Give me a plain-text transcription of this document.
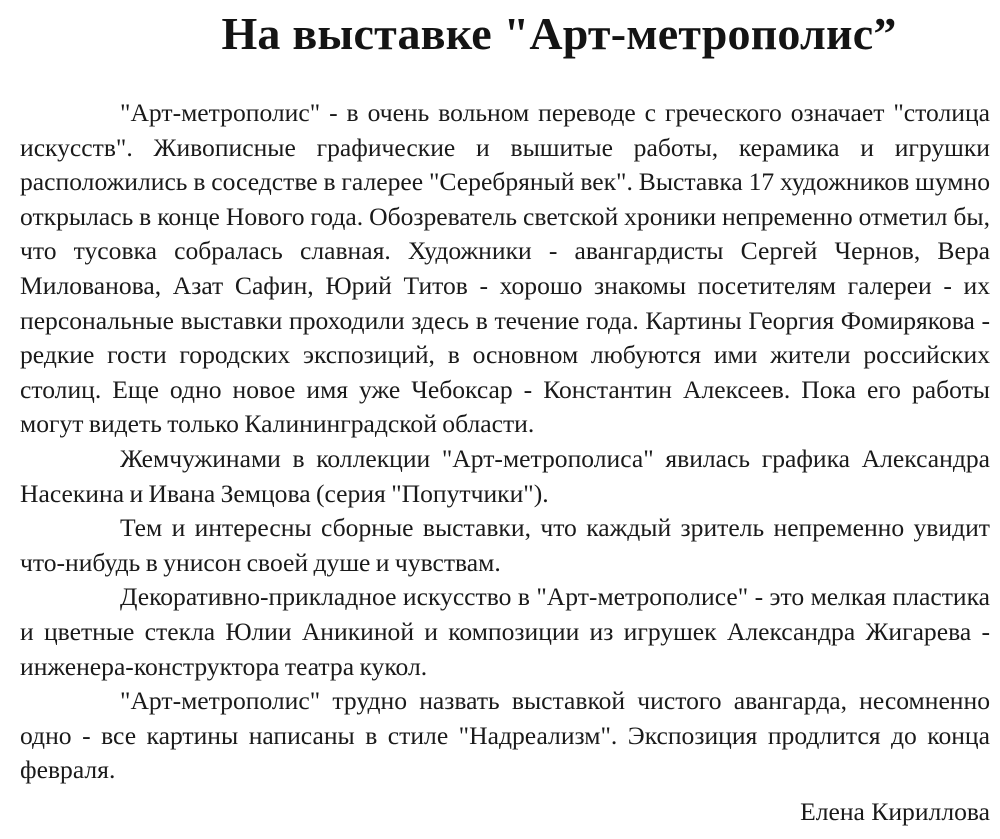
На выставке "Арт-метрополис”

"Арт-метрополис" - в очень вольном переводе с греческого означает "столица искусств". Живописные графические и вышитые работы, керамика и игрушки расположились в соседстве в галерее "Серебряный век". Выставка 17 художников шумно открылась в конце Нового года. Обозреватель светской хроники непременно отметил бы, что тусовка собралась славная. Художники - авангардисты Сергей Чернов, Вера Милованова, Азат Сафин, Юрий Титов - хорошо знакомы посетителям галереи - их персональные выставки проходили здесь в течение года. Картины Георгия Фомирякова - редкие гости городских экспозиций, в основном любуются ими жители российских столиц. Еще одно новое имя уже Чебоксар - Константин Алексеев. Пока его работы могут видеть только Калининградской области.

Жемчужинами в коллекции "Арт-метрополиса" явилась графика Александра Насекина и Ивана Земцова (серия "Попутчики").

Тем и интересны сборные выставки, что каждый зритель непременно увидит что-нибудь в унисон своей душе и чувствам.

Декоративно-прикладное искусство в "Арт-метрополисе" - это мелкая пластика и цветные стекла Юлии Аникиной и композиции из игрушек Александра Жигарева - инженера-конструктора театра кукол.

"Арт-метрополис" трудно назвать выставкой чистого авангарда, несомненно одно - все картины написаны в стиле "Надреализм". Экспозиция продлится до конца февраля.

Елена Кириллова
